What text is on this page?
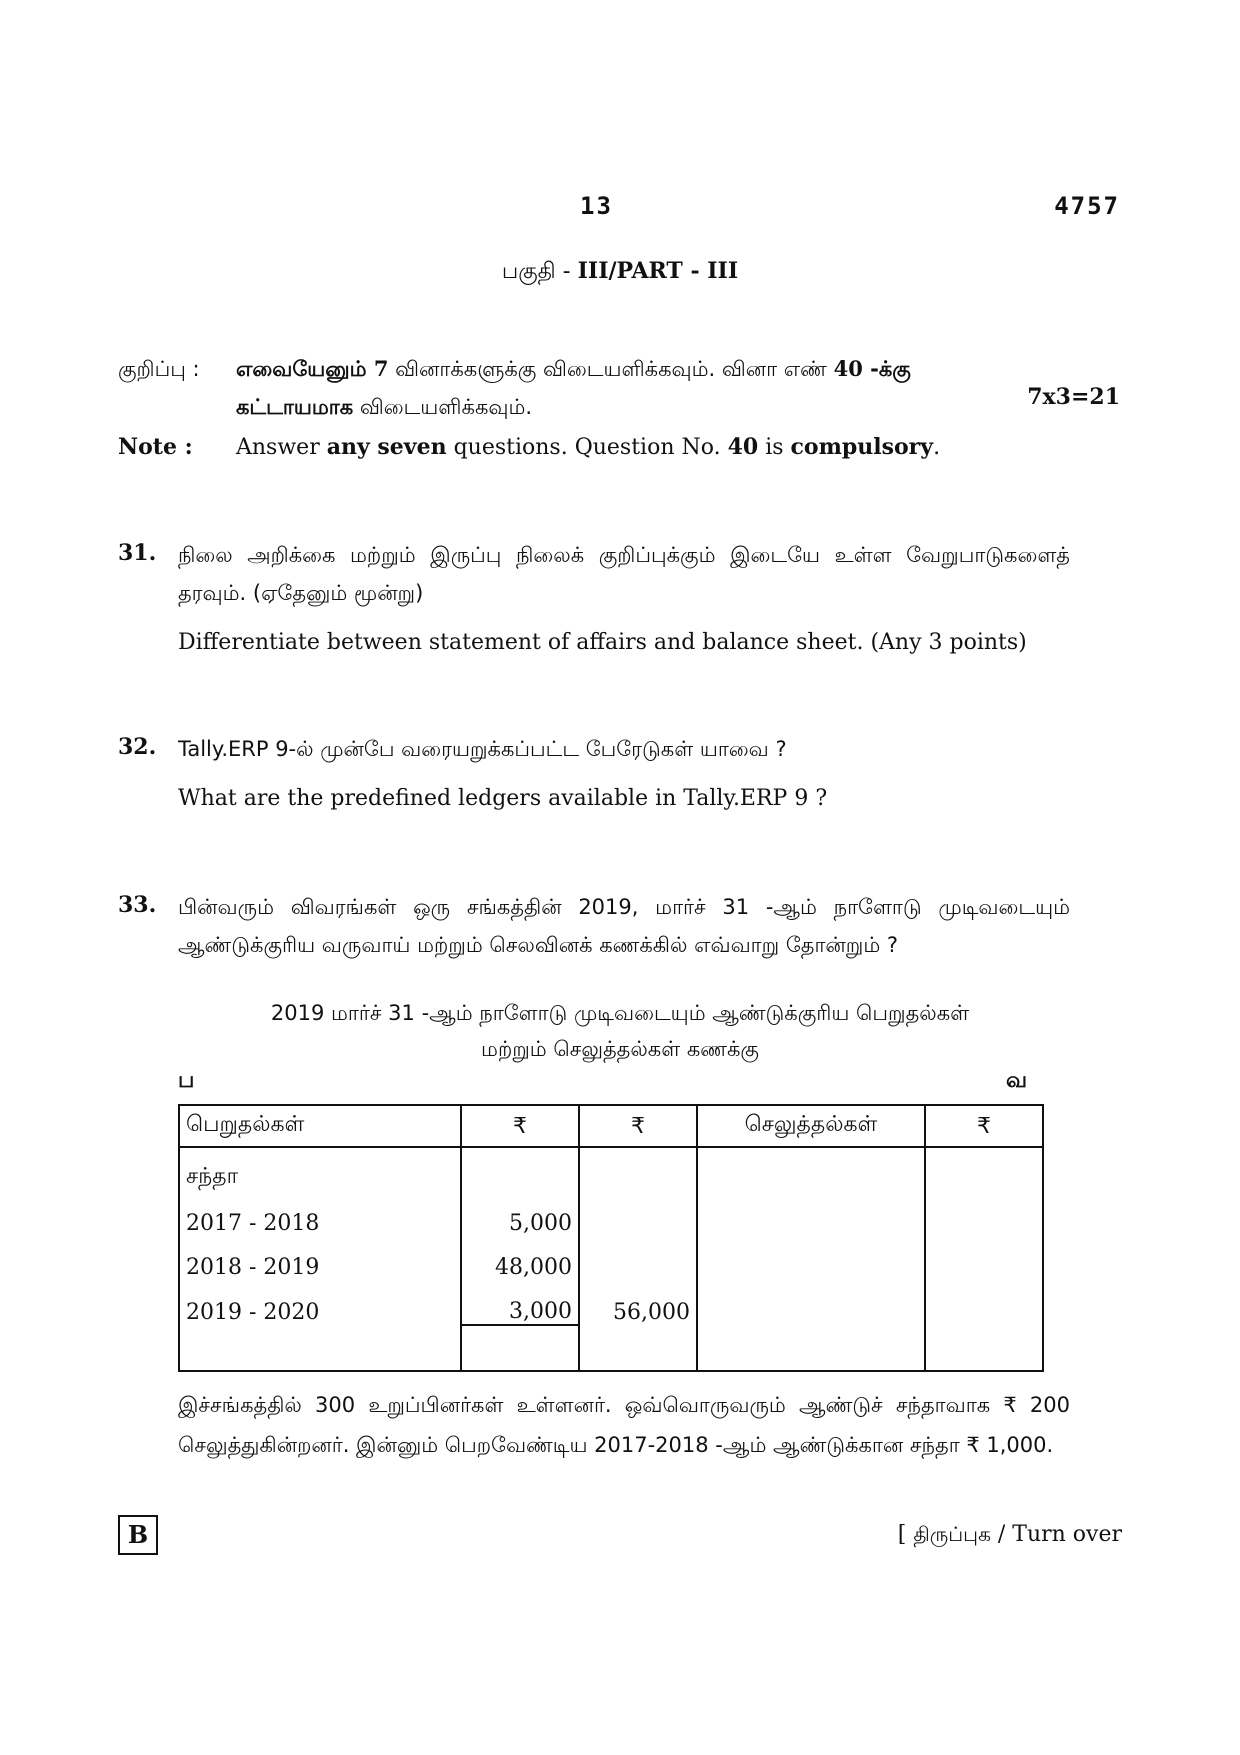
13	4757
பகுதி - III/PART - III
குறிப்பு : எவையேனும் 7 வினாக்களுக்கு விடையளிக்கவும். வினா எண் 40 -க்கு
கட்டாயமாக விடையளிக்கவும்.	7x3=21
Note : Answer any seven questions. Question No. 40 is compulsory.
31. நிலை அறிக்கை மற்றும் இருப்பு நிலைக் குறிப்புக்கும் இடையே உள்ள வேறுபாடுகளைத் தரவும். (ஏதேனும் மூன்று)
Differentiate between statement of affairs and balance sheet. (Any 3 points)
32. Tally.ERP 9-ல் முன்பே வரையறுக்கப்பட்ட பேரேடுகள் யாவை ?
What are the predefined ledgers available in Tally.ERP 9 ?
33. பின்வரும் விவரங்கள் ஒரு சங்கத்தின் 2019, மார்ச் 31 -ஆம் நாளோடு முடிவடையும் ஆண்டுக்குரிய வருவாய் மற்றும் செலவினக் கணக்கில் எவ்வாறு தோன்றும் ?
2019 மார்ச் 31 -ஆம் நாளோடு முடிவடையும் ஆண்டுக்குரிய பெறுதல்கள்
மற்றும் செலுத்தல்கள் கணக்கு
ப	வ
பெறுதல்கள்	₹	₹	செலுத்தல்கள்	₹
சந்தா				
2017 - 2018	5,000			
2018 - 2019	48,000			
2019 - 2020	3,000	56,000		

இச்சங்கத்தில் 300 உறுப்பினர்கள் உள்ளனர். ஒவ்வொருவரும் ஆண்டுச் சந்தாவாக ₹ 200 செலுத்துகின்றனர். இன்னும் பெறவேண்டிய 2017-2018 -ஆம் ஆண்டுக்கான சந்தா ₹ 1,000.
B	[ திருப்புக / Turn over
